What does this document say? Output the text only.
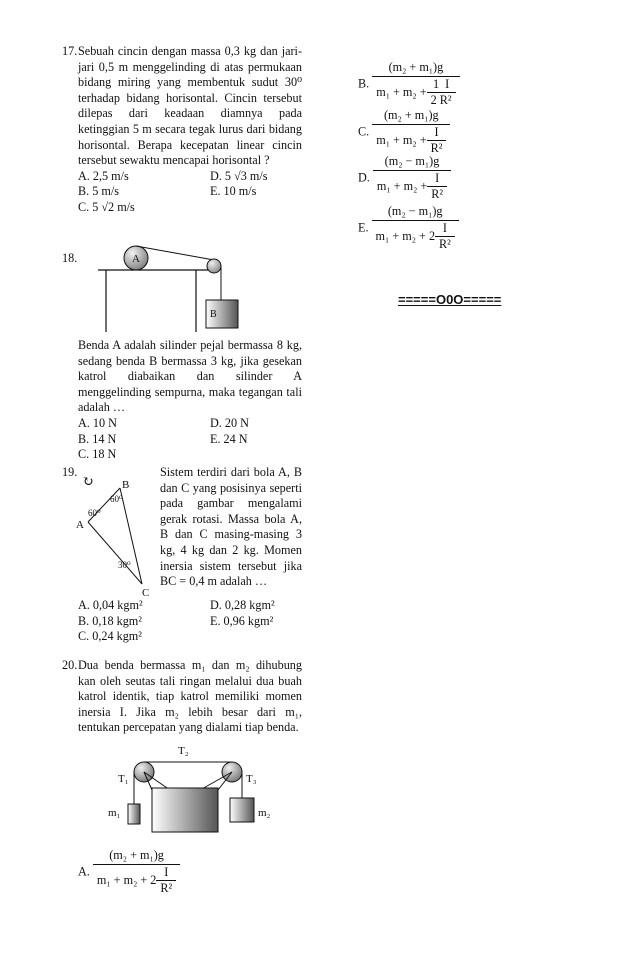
17. Sebuah cincin dengan massa 0,3 kg dan jari-jari 0,5 m menggelinding di atas permukaan bidang miring yang membentuk sudut 30⁰ terhadap bidang horisontal. Cincin tersebut dilepas dari keadaan diamnya pada ketinggian 5 m secara tegak lurus dari bidang horisontal. Berapa kecepatan linear cincin tersebut sewaktu mencapai horisontal ?
A. 2,5 m/s	D. 5 √3 m/s
B. 5 m/s	E. 10 m/s
C. 5 √2 m/s
18.	A
B
Benda A adalah silinder pejal bermassa 8 kg, sedang benda B bermassa 3 kg, jika gesekan katrol diabaikan dan silinder A menggelinding sempurna, maka tegangan tali adalah …
A. 10 N	D. 20 N
B. 14 N	E. 24 N
C. 18 N
19.
↻
A
B
C
60⁰
60⁰
30⁰
Sistem terdiri dari bola A, B dan C yang posisinya seperti pada gambar mengalami gerak rotasi. Massa bola A, B dan C masing-masing 3 kg, 4 kg dan 2 kg. Momen inersia sistem tersebut jika BC = 0,4 m adalah …
A. 0,04 kgm²	D. 0,28 kgm²
B. 0,18 kgm²	E. 0,96 kgm²
C. 0,24 kgm²
20. Dua benda bermassa m₁ dan m₂ dihubung kan oleh seutas tali ringan melalui dua buah katrol identik, tiap katrol memiliki momen inersia I. Jika m₂ lebih besar dari m₁, tentukan percepatan yang dialami tiap benda.
T₂
T₁	T₃
m₁	m₂
A. $\frac{\text{(m₂ + m₁)g}}{m_1 + m_2 + 2 \frac{I}{\text{R²}}}$
B. $\frac{\text{(m₂ + m₁)g}}{m_1 + m_2 + \frac{1 I}{\text{2 R²}}}$
C. $\frac{\text{(m₂ + m₁)g}}{m_1 + m_2 + \frac{I}{\text{R²}}}$
D. $\frac{\text{(m₂ − m₁)g}}{m_1 + m_2 + \frac{I}{\text{R²}}}$
E. $\frac{\text{(m₂ − m₁)g}}{m_1 + m_2 + 2 \frac{I}{\text{R²}}}$
=====O0O=====
